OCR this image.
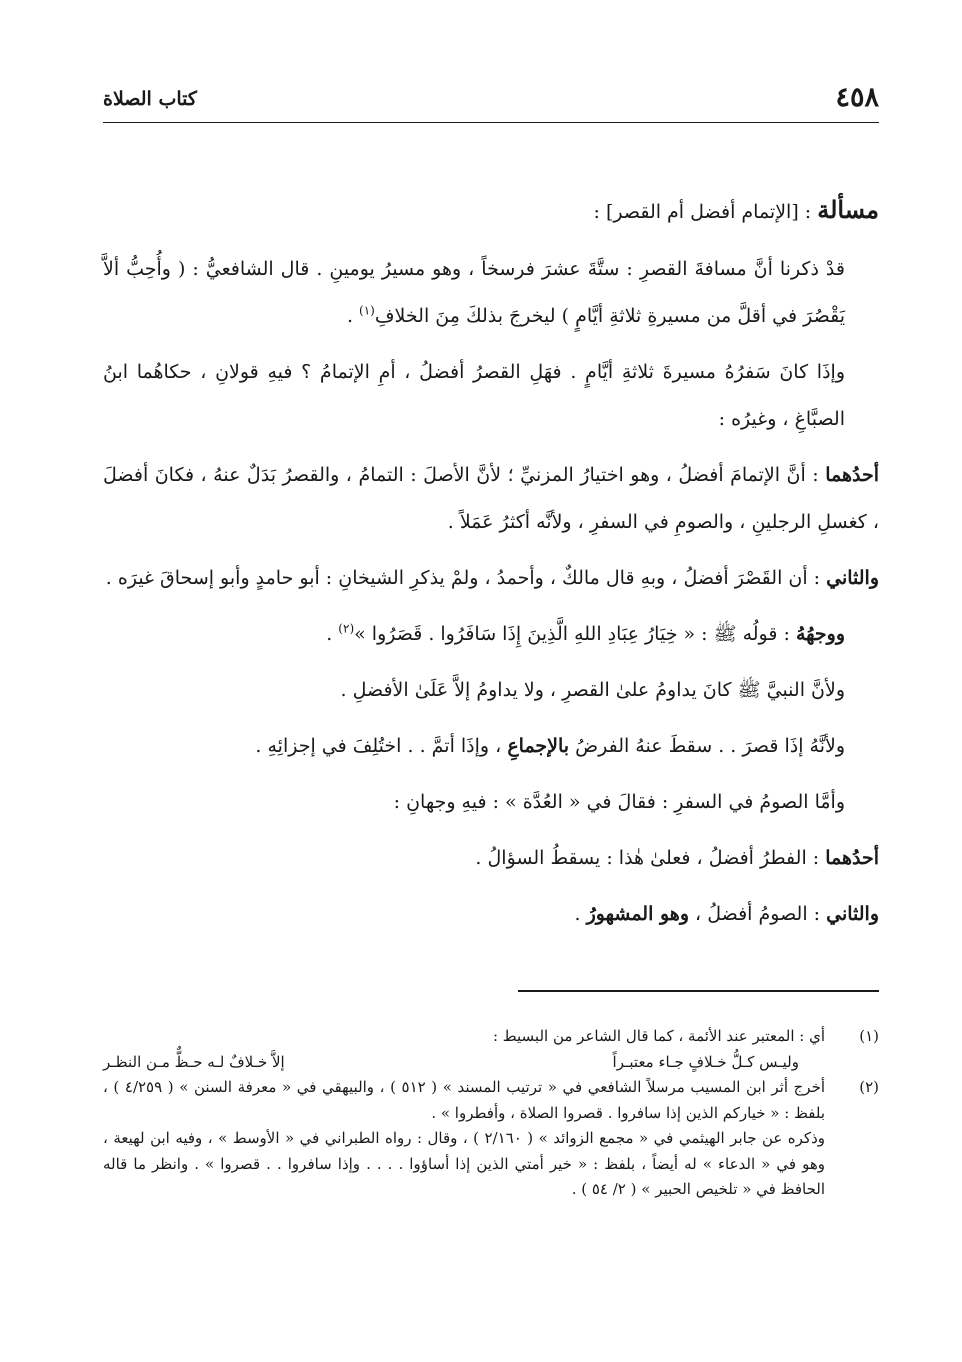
٤٥٨
كتاب الصلاة

مسألة : [الإتمام أفضل أم القصر] :

قدْ ذكرنا أنَّ مسافةَ القصرِ : ستَّةَ عشرَ فرسخاً ، وهو مسيرُ يومينِ . قال الشافعيُّ : ( وأُحِبُّ ألاَّ يَقْصُرَ في أقلَّ من مسيرةِ ثلاثةِ أيَّامٍ ) ليخرجَ بذلكَ مِنَ الخلافِ$^{(١)}$ .

وإذَا كانَ سَفرُهُ مسيرةَ ثلاثةِ أيَّامٍ . فهَلِ القصرُ أفضلُ ، أمِ الإتمامُ ؟ فيهِ قولانِ ، حكاهُما ابنُ الصبَّاغِ ، وغيرُه :

أحدُهما : أنَّ الإتمامَ أفضلُ ، وهو اختيارُ المزنيِّ ؛ لأنَّ الأصلَ : التمامُ ، والقصرُ بَدَلٌ عنهُ ، فكانَ أفضلَ ، كغسلِ الرجلينِ ، والصومِ في السفرِ ، ولأنَّه أكثرُ عَمَلاً .

والثاني : أن القَصْرَ أفضلُ ، وبهِ قال مالكٌ ، وأحمدُ ، ولمْ يذكرِ الشيخانِ : أبو حامدٍ وأبو إسحاقَ غيرَه .

ووجهُهُ : قولُه ﷺ : « خِيَارُ عِبَادِ اللهِ الَّذِينَ إِذَا سَافَرُوا . قَصَرُوا »$^{(٢)}$ .

ولأنَّ النبيَّ ﷺ كانَ يداومُ علىٰ القصرِ ، ولا يداومُ إلاَّ عَلَىٰ الأفضلِ .

ولأنَّهُ إذَا قصرَ . . سقطَ عنهُ الفرضُ بالإجماعِ ، وإذَا أتمَّ . . اختُلِفَ في إجزائِهِ .

وأمَّا الصومُ في السفرِ : فقالَ في « العُدَّة » : فيهِ وجهانِ :

أحدُهما : الفطرُ أفضلُ ، فعلىٰ هٰذا : يسقطُ السؤالُ .

والثاني : الصومُ أفضلُ ، وهو المشهورُ .

(١)
أي : المعتبر عند الأئمة ، كما قال الشاعر من البسيط :
وليـس كـلُّ خـلافٍ جـاء معتبـراً
إلاَّ خـلافٌ لـه حـظٌّ مـن النظـر
(٢)
أخرج أثر ابن المسيب مرسلاً الشافعي في « ترتيب المسند » ( ٥١٢ ) ، والبيهقي في « معرفة السنن » ( ٤/٢٥٩ ) ، بلفظ : « خياركم الذين إذا سافروا . قصروا الصلاة ، وأفطروا » .
وذكره عن جابر الهيثمي في « مجمع الزوائد » ( ٢/١٦٠ ) ، وقال : رواه الطبراني في « الأوسط » ، وفيه ابن لهيعة ، وهو في « الدعاء » له أيضاً ، بلفظ : « خير أمتي الذين إذا أساؤوا . . . . وإذا سافروا . . قصروا » . وانظر ما قاله الحافظ في « تلخيص الحبير » ( ٢/ ٥٤ ) .
